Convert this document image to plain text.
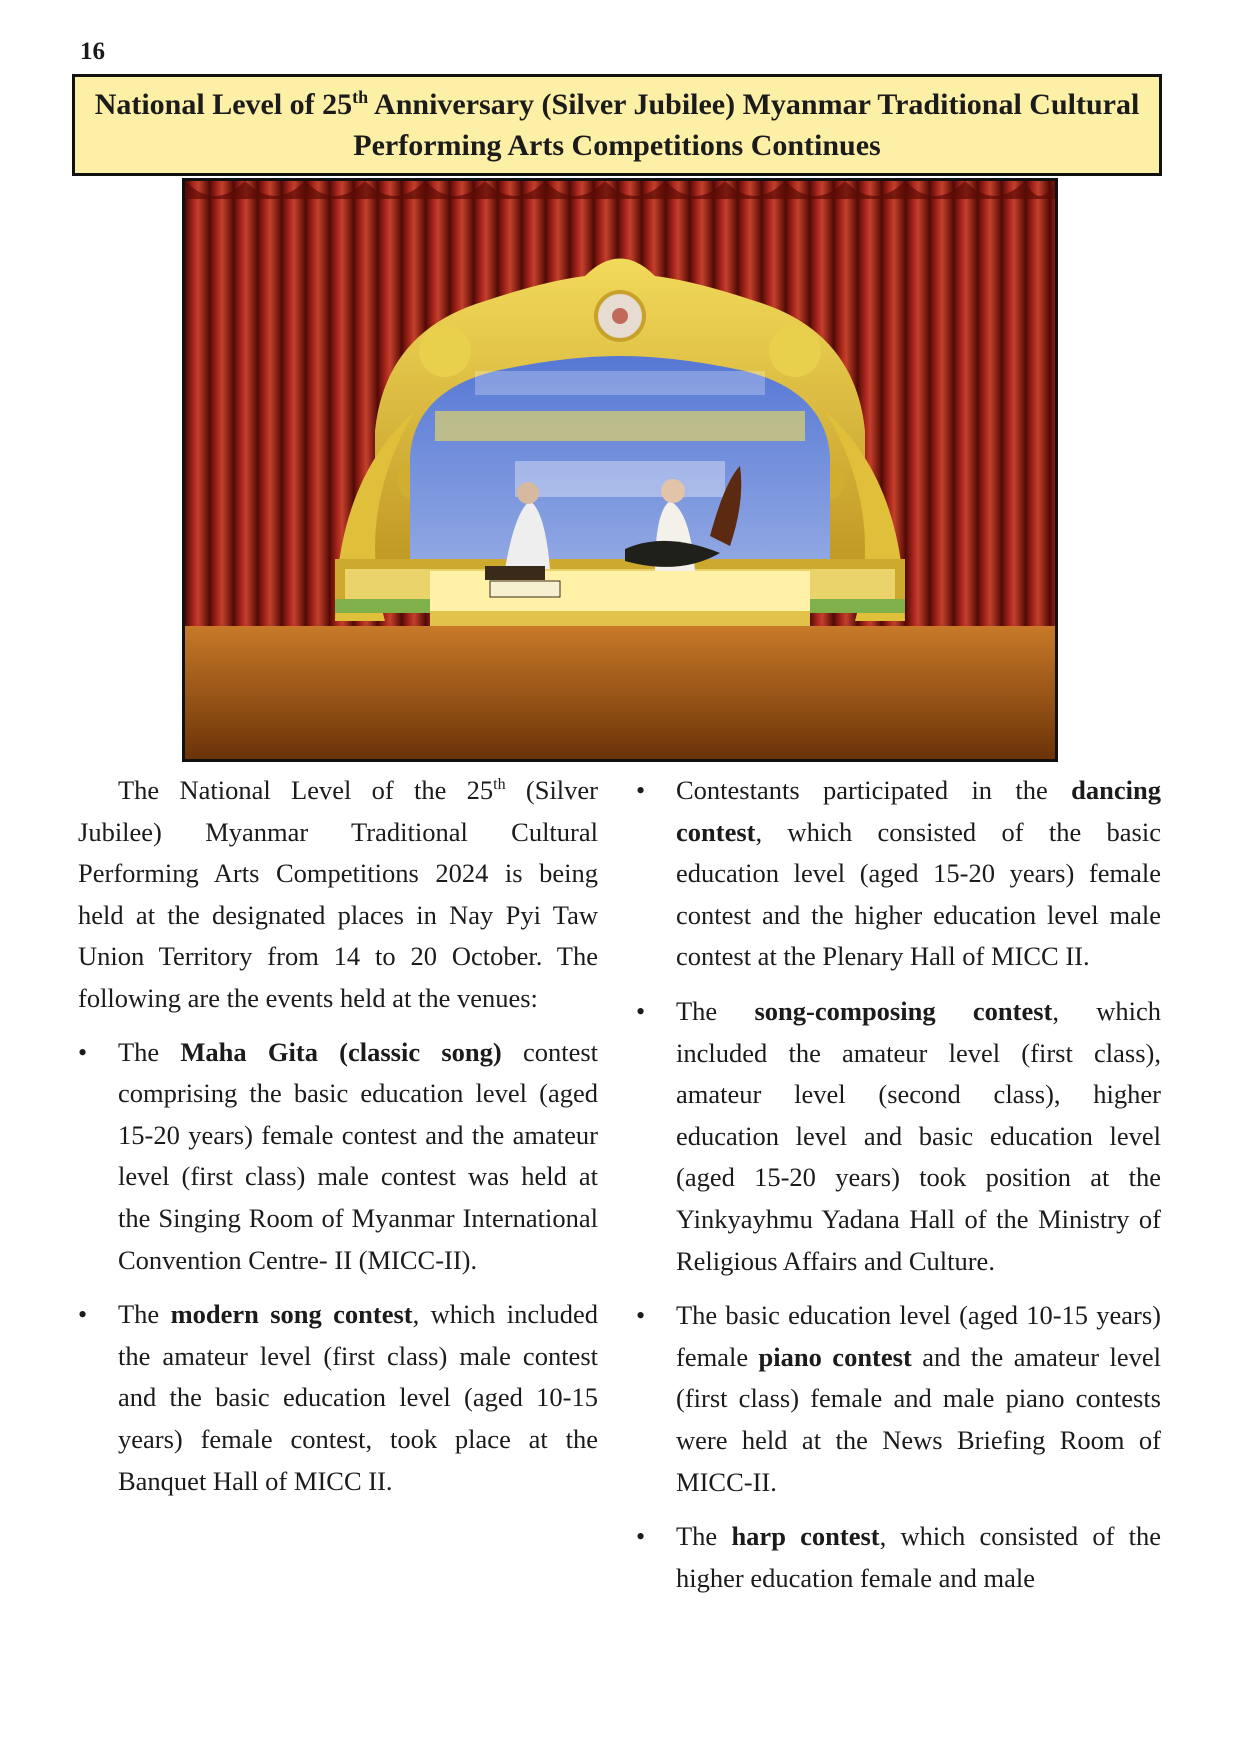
16
National Level of 25th Anniversary (Silver Jubilee) Myanmar Traditional Cultural
Performing Arts Competitions Continues

The National Level of the 25th (Silver Jubilee) Myanmar Traditional Cultural Performing Arts Competitions 2024 is being held at the designated places in Nay Pyi Taw Union Territory from 14 to 20 October. The following are the events held at the venues:

• The Maha Gita (classic song) contest comprising the basic education level (aged 15-20 years) female contest and the amateur level (first class) male contest was held at the Singing Room of Myanmar International Convention Centre- II (MICC-II).
• The modern song contest, which included the amateur level (first class) male contest and the basic education level (aged 10-15 years) female contest, took place at the Banquet Hall of MICC II.
• Contestants participated in the dancing contest, which consisted of the basic education level (aged 15-20 years) female contest and the higher education level male contest at the Plenary Hall of MICC II.
• The song-composing contest, which included the amateur level (first class), amateur level (second class), higher education level and basic education level (aged 15-20 years) took position at the Yinkyayhmu Yadana Hall of the Ministry of Religious Affairs and Culture.
• The basic education level (aged 10-15 years) female piano contest and the amateur level (first class) female and male piano contests were held at the News Briefing Room of MICC-II.
• The harp contest, which consisted of the higher education female and male
